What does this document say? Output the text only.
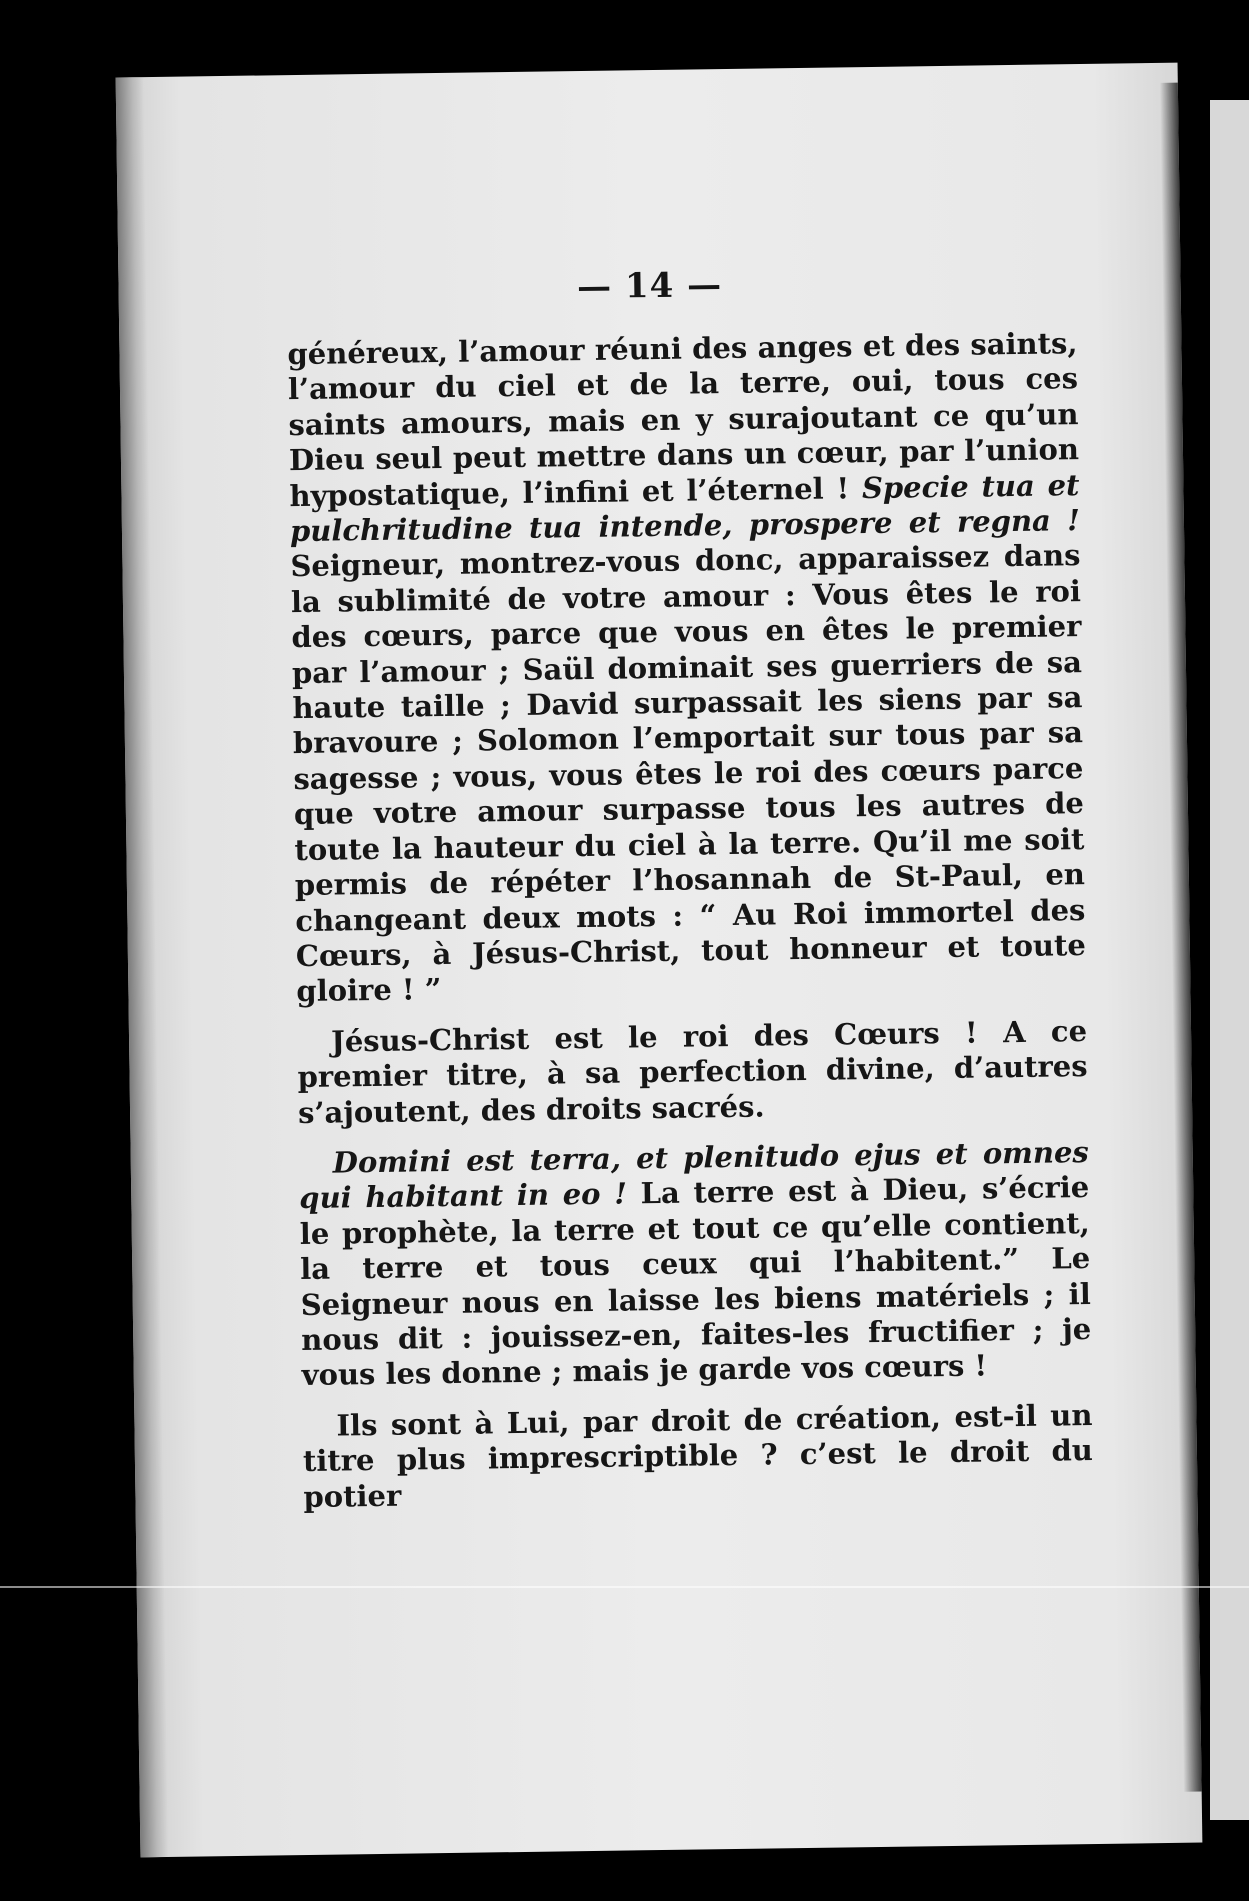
— 14 —

généreux, l’amour réuni des anges et des saints, l’amour du ciel et de la terre, oui, tous ces saints amours, mais en y surajoutant ce qu’un Dieu seul peut mettre dans un cœur, par l’union hypostatique, l’infini et l’éternel ! Specie tua et pulchritudine tua intende, prospere et regna ! Seigneur, montrez-vous donc, apparaissez dans la sublimité de votre amour : Vous êtes le roi des cœurs, parce que vous en êtes le premier par l’amour ; Saül dominait ses guerriers de sa haute taille ; David surpassait les siens par sa bravoure ; Solomon l’emportait sur tous par sa sagesse ; vous, vous êtes le roi des cœurs parce que votre amour surpasse tous les autres de toute la hauteur du ciel à la terre. Qu’il me soit permis de répéter l’hosannah de St-Paul, en changeant deux mots : “ Au Roi immortel des Cœurs, à Jésus-Christ, tout honneur et toute gloire ! ”

Jésus-Christ est le roi des Cœurs ! A ce premier titre, à sa perfection divine, d’autres s’ajoutent, des droits sacrés.

Domini est terra, et plenitudo ejus et omnes qui habitant in eo ! La terre est à Dieu, s’écrie le prophète, la terre et tout ce qu’elle contient, la terre et tous ceux qui l’habitent.” Le Seigneur nous en laisse les biens matériels ; il nous dit : jouissez-en, faites-les fructifier ; je vous les donne ; mais je garde vos cœurs !

Ils sont à Lui, par droit de création, est-il un titre plus imprescriptible ? c’est le droit du potier
